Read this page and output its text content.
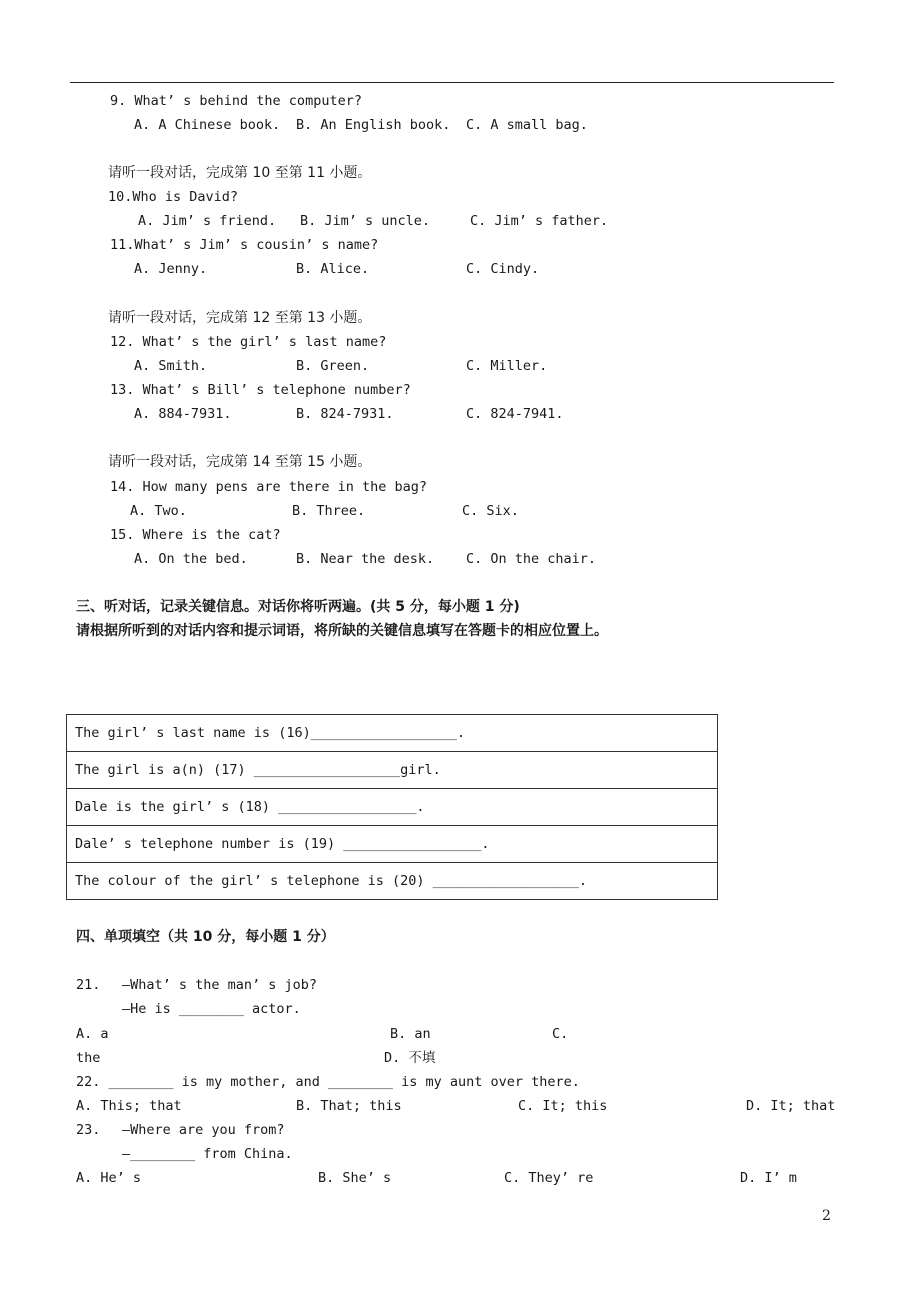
9. What’ s behind the computer?
A. A Chinese book. B. An English book. C. A small bag.
请听一段对话，完成第 10 至第 11 小题。
10.Who is David?
A. Jim’ s friend. B. Jim’ s uncle.	C. Jim’ s father.
11.What’ s Jim’ s cousin’ s name?
A. Jenny.	B. Alice.	C. Cindy.
请听一段对话，完成第 12 至第 13 小题。
12. What’ s the girl’ s last name?
A. Smith.	B. Green.	C. Miller.
13. What’ s Bill’ s telephone number?
A. 884-7931.	B. 824-7931.	C. 824-7941.
请听一段对话，完成第 14 至第 15 小题。
14. How many pens are there in the bag?
A. Two.	B. Three.	C. Six.
15. Where is the cat?
A. On the bed.	B. Near the desk. C. On the chair.
三、听对话，记录关键信息。对话你将听两遍。(共 5 分，每小题 1 分)
请根据所听到的对话内容和提示词语，将所缺的关键信息填写在答题卡的相应位置上。
The girl’ s last name is (16)__________________.
The girl is a(n) (17) __________________girl.
Dale is the girl’ s (18) _________________.
Dale’ s telephone number is (19) _________________.
The colour of the girl’ s telephone is (20) __________________.
四、单项填空（共 10 分，每小题 1 分）
21. —What’ s the man’ s job?
—He is ________ actor.
A. a	B. an	C.
the	D. 不填
22. ________ is my mother, and ________ is my aunt over there.
A. This; that	B. That; this	C. It; this	D. It; that
23. —Where are you from?
—________ from China.
A. He’ s	B. She’ s	C. They’ re	D. I’ m
2
